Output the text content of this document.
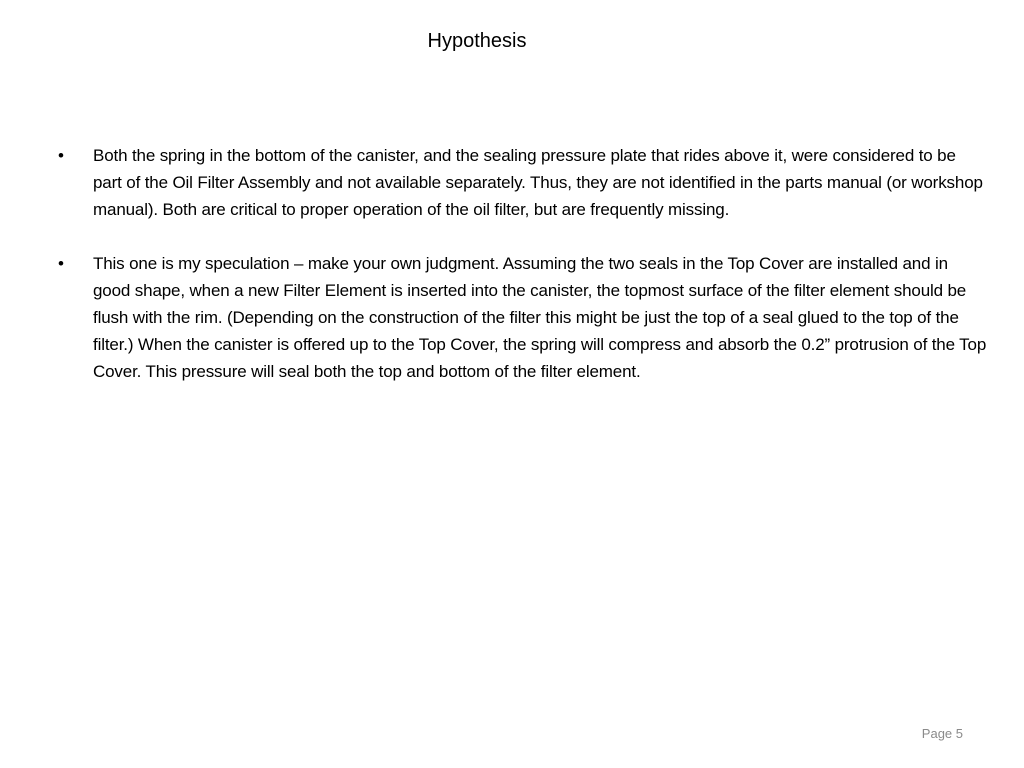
Hypothesis
•	Both the spring in the bottom of the canister, and the sealing pressure plate that rides above it, were considered to be part of the Oil Filter Assembly and not available separately. Thus, they are not identified in the parts manual (or workshop manual). Both are critical to proper operation of the oil filter, but are frequently missing.
•	This one is my speculation – make your own judgment. Assuming the two seals in the Top Cover are installed and in good shape, when a new Filter Element is inserted into the canister, the topmost surface of the filter element should be flush with the rim. (Depending on the construction of the filter this might be just the top of a seal glued to the top of the filter.) When the canister is offered up to the Top Cover, the spring will compress and absorb the 0.2” protrusion of the Top Cover. This pressure will seal both the top and bottom of the filter element.
Page 5
